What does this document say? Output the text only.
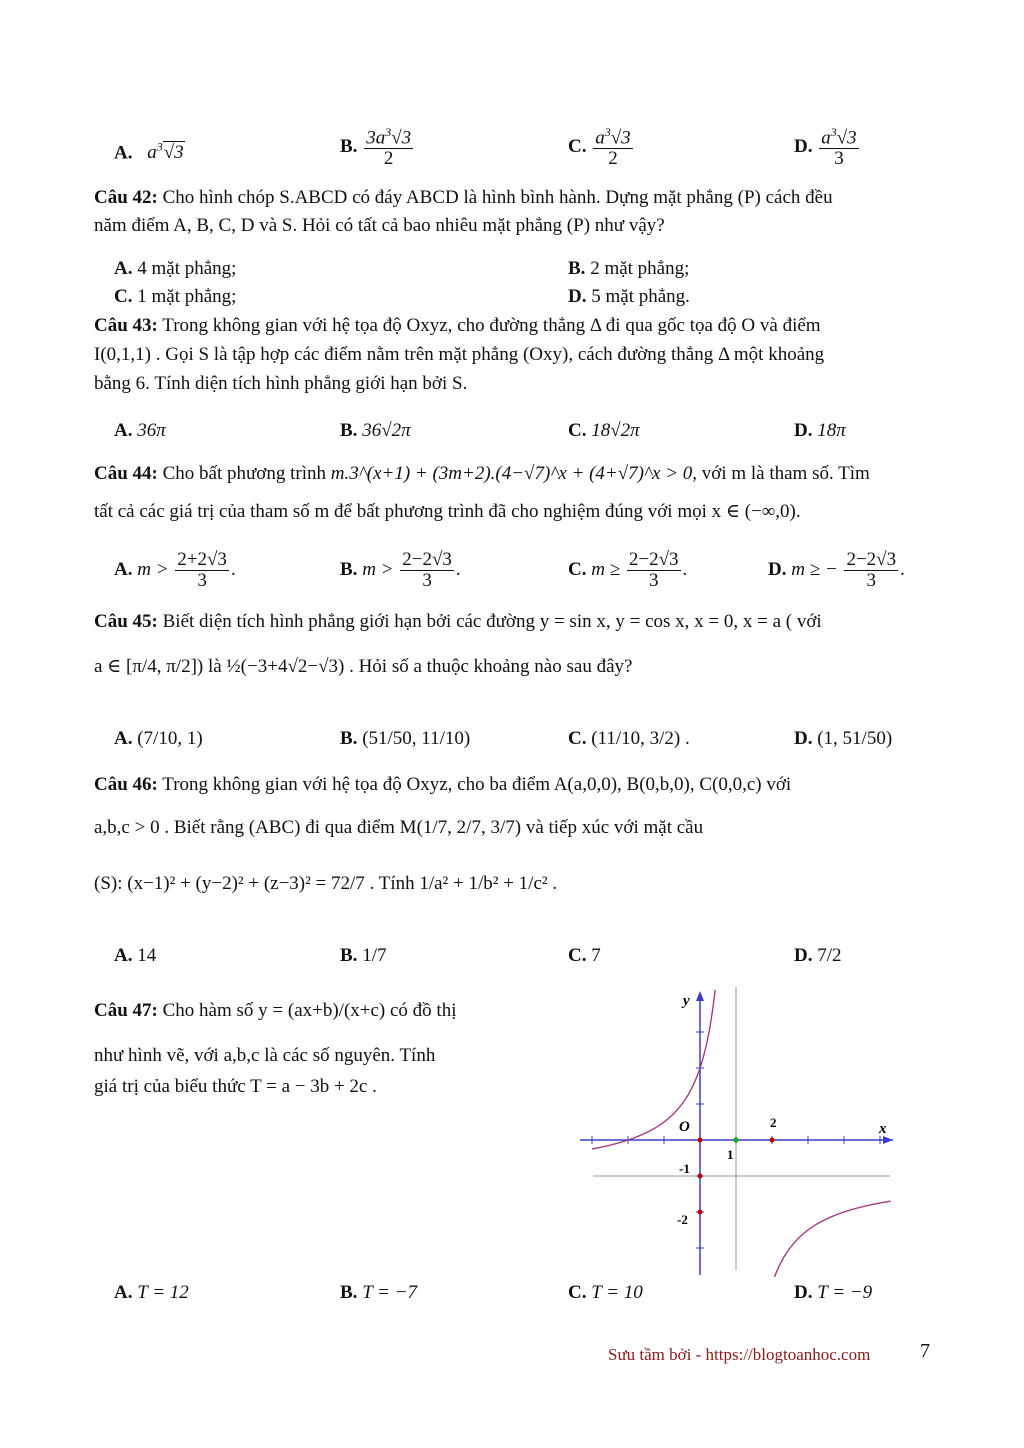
A. $a^3√3$	B. $\frac{3a^3√3}{2}$	C. $\frac{a^3√3}{2}$	D. $\frac{a^3√3}{3}$
Câu 42: Cho hình chóp S.ABCD có đáy ABCD là hình bình hành. Dựng mặt phẳng (P) cách đều
năm điểm A, B, C, D và S. Hỏi có tất cả bao nhiêu mặt phẳng (P) như vậy?
A. 4 mặt phẳng;	B. 2 mặt phẳng;
C. 1 mặt phẳng;	D. 5 mặt phẳng.
Câu 43: Trong không gian với hệ tọa độ Oxyz, cho đường thẳng Δ đi qua gốc tọa độ O và điểm
I(0,1,1) . Gọi S là tập hợp các điểm nằm trên mặt phẳng (Oxy), cách đường thẳng Δ một khoảng
bằng 6. Tính diện tích hình phẳng giới hạn bởi S.
A. 36π	B. 36√2π	C. 18√2π	D. 18π
Câu 44: Cho bất phương trình m.3^(x+1) + (3m+2).(4−√7)^x + (4+√7)^x > 0, với m là tham số. Tìm
tất cả các giá trị của tham số m để bất phương trình đã cho nghiệm đúng với mọi x ∈ (−∞,0).
A. $m > \frac{2+2√3}{3}$ .	B. $m > \frac{2-2√3}{3}$ .	C. $m \ge \frac{2-2√3}{3}$ .	D. m ≥ − $\frac{2-2√3}{3}$ .
Câu 45: Biết diện tích hình phẳng giới hạn bởi các đường y = sin x, y = cos x, x = 0, x = a ( với
a ∈ [π/4, π/2]) là ½(−3+4√2−√3) . Hỏi số a thuộc khoảng nào sau đây?
A. (7/10, 1)	B. (51/50, 11/10)	C. (11/10, 3/2) .	D. (1, 51/50)
Câu 46: Trong không gian với hệ tọa độ Oxyz, cho ba điểm A(a,0,0), B(0,b,0), C(0,0,c) với
a,b,c > 0 . Biết rằng (ABC) đi qua điểm M(1/7, 2/7, 3/7) và tiếp xúc với mặt cầu
(S): (x−1)² + (y−2)² + (z−3)² = 72/7 . Tính 1/a² + 1/b² + 1/c² .
A. 14	B. 1/7	C. 7	D. 7/2
Câu 47: Cho hàm số y = (ax+b)/(x+c) có đồ thị
như hình vẽ, với a,b,c là các số nguyên. Tính
giá trị của biểu thức T = a − 3b + 2c .
y
x
O
1
2
-1
-2
A. T = 12	B. T = −7	C. T = 10	D. T = −9
Sưu tầm bởi - https://blogtoanhoc.com 7
